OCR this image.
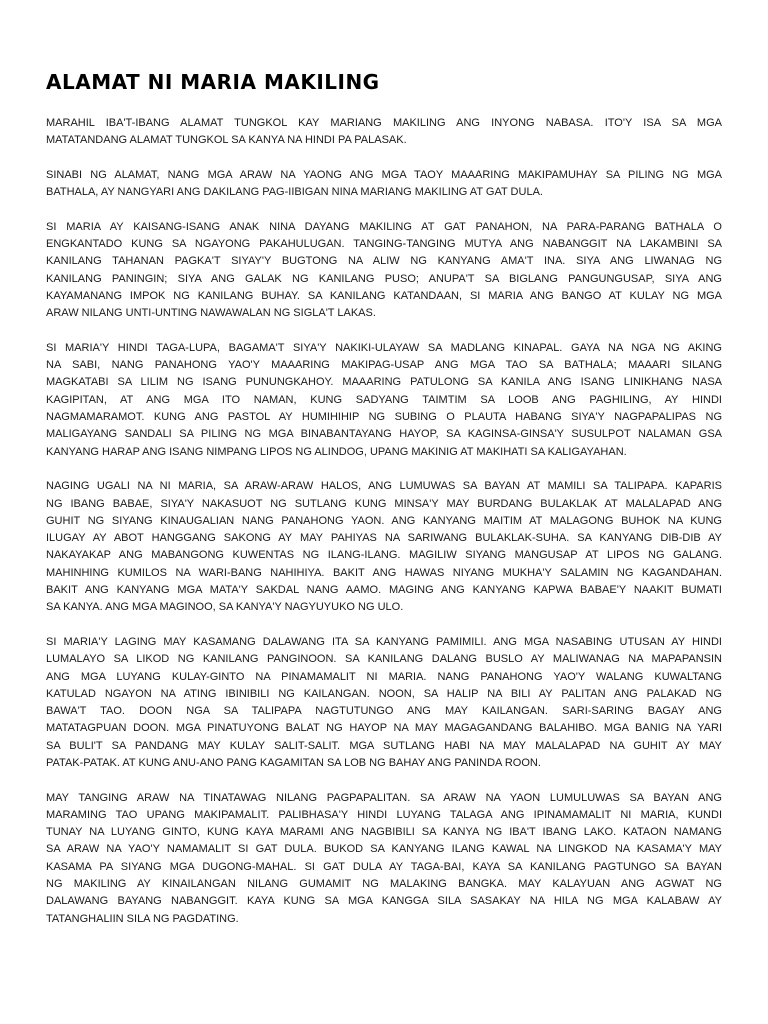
ALAMAT NI MARIA MAKILING
MARAHIL IBA'T-IBANG ALAMAT TUNGKOL KAY MARIANG MAKILING ANG INYONG NABASA. ITO'Y ISA SA MGA
MATATANDANG ALAMAT TUNGKOL SA KANYA NA HINDI PA PALASAK.
SINABI NG ALAMAT, NANG MGA ARAW NA YAONG ANG MGA TAOY MAAARING MAKIPAMUHAY SA PILING NG MGA
BATHALA, AY NANGYARI ANG DAKILANG PAG-IIBIGAN NINA MARIANG MAKILING AT GAT DULA.
SI MARIA AY KAISANG-ISANG ANAK NINA DAYANG MAKILING AT GAT PANAHON, NA PARA-PARANG BATHALA O
ENGKANTADO KUNG SA NGAYONG PAKAHULUGAN. TANGING-TANGING MUTYA ANG NABANGGIT NA LAKAMBINI SA
KANILANG TAHANAN PAGKA'T SIYAY'Y BUGTONG NA ALIW NG KANYANG AMA'T INA. SIYA ANG LIWANAG NG
KANILANG PANINGIN; SIYA ANG GALAK NG KANILANG PUSO; ANUPA'T SA BIGLANG PANGUNGUSAP, SIYA ANG
KAYAMANANG IMPOK NG KANILANG BUHAY. SA KANILANG KATANDAAN, SI MARIA ANG BANGO AT KULAY NG MGA
ARAW NILANG UNTI-UNTING NAWAWALAN NG SIGLA'T LAKAS.
SI MARIA'Y HINDI TAGA-LUPA, BAGAMA'T SIYA'Y NAKIKI-ULAYAW SA MADLANG KINAPAL. GAYA NA NGA NG AKING
NA SABI, NANG PANAHONG YAO'Y MAAARING MAKIPAG-USAP ANG MGA TAO SA BATHALA; MAAARI SILANG
MAGKATABI SA LILIM NG ISANG PUNUNGKAHOY. MAAARING PATULONG SA KANILA ANG ISANG LINIKHANG NASA
KAGIPITAN, AT ANG MGA ITO NAMAN, KUNG SADYANG TAIMTIM SA LOOB ANG PAGHILING, AY HINDI
NAGMAMARAMOT. KUNG ANG PASTOL AY HUMIHIHIP NG SUBING O PLAUTA HABANG SIYA'Y NAGPAPALIPAS NG
MALIGAYANG SANDALI SA PILING NG MGA BINABANTAYANG HAYOP, SA KAGINSA-GINSA'Y SUSULPOT NALAMAN GSA
KANYANG HARAP ANG ISANG NIMPANG LIPOS NG ALINDOG, UPANG MAKINIG AT MAKIHATI SA KALIGAYAHAN.
NAGING UGALI NA NI MARIA, SA ARAW-ARAW HALOS, ANG LUMUWAS SA BAYAN AT MAMILI SA TALIPAPA. KAPARIS
NG IBANG BABAE, SIYA'Y NAKASUOT NG SUTLANG KUNG MINSA'Y MAY BURDANG BULAKLAK AT MALALAPAD ANG
GUHIT NG SIYANG KINAUGALIAN NANG PANAHONG YAON. ANG KANYANG MAITIM AT MALAGONG BUHOK NA KUNG
ILUGAY AY ABOT HANGGANG SAKONG AY MAY PAHIYAS NA SARIWANG BULAKLAK-SUHA. SA KANYANG DIB-DIB AY
NAKAYAKAP ANG MABANGONG KUWENTAS NG ILANG-ILANG. MAGILIW SIYANG MANGUSAP AT LIPOS NG GALANG.
MAHINHING KUMILOS NA WARI-BANG NAHIHIYA. BAKIT ANG HAWAS NIYANG MUKHA'Y SALAMIN NG KAGANDAHAN.
BAKIT ANG KANYANG MGA MATA'Y SAKDAL NANG AAMO. MAGING ANG KANYANG KAPWA BABAE'Y NAAKIT BUMATI
SA KANYA. ANG MGA MAGINOO, SA KANYA'Y NAGYUYUKO NG ULO.
SI MARIA'Y LAGING MAY KASAMANG DALAWANG ITA SA KANYANG PAMIMILI. ANG MGA NASABING UTUSAN AY HINDI
LUMALAYO SA LIKOD NG KANILANG PANGINOON. SA KANILANG DALANG BUSLO AY MALIWANAG NA MAPAPANSIN
ANG MGA LUYANG KULAY-GINTO NA PINAMAMALIT NI MARIA. NANG PANAHONG YAO'Y WALANG KUWALTANG
KATULAD NGAYON NA ATING IBINIBILI NG KAILANGAN. NOON, SA HALIP NA BILI AY PALITAN ANG PALAKAD NG
BAWA'T TAO. DOON NGA SA TALIPAPA NAGTUTUNGO ANG MAY KAILANGAN. SARI-SARING BAGAY ANG
MATATAGPUAN DOON. MGA PINATUYONG BALAT NG HAYOP NA MAY MAGAGANDANG BALAHIBO. MGA BANIG NA YARI
SA BULI'T SA PANDANG MAY KULAY SALIT-SALIT. MGA SUTLANG HABI NA MAY MALALAPAD NA GUHIT AY MAY
PATAK-PATAK. AT KUNG ANU-ANO PANG KAGAMITAN SA LOB NG BAHAY ANG PANINDA ROON.
MAY TANGING ARAW NA TINATAWAG NILANG PAGPAPALITAN. SA ARAW NA YAON LUMULUWAS SA BAYAN ANG
MARAMING TAO UPANG MAKIPAMALIT. PALIBHASA'Y HINDI LUYANG TALAGA ANG IPINAMAMALIT NI MARIA, KUNDI
TUNAY NA LUYANG GINTO, KUNG KAYA MARAMI ANG NAGBIBILI SA KANYA NG IBA'T IBANG LAKO. KATAON NAMANG
SA ARAW NA YAO'Y NAMAMALIT SI GAT DULA. BUKOD SA KANYANG ILANG KAWAL NA LINGKOD NA KASAMA'Y MAY
KASAMA PA SIYANG MGA DUGONG-MAHAL. SI GAT DULA AY TAGA-BAI, KAYA SA KANILANG PAGTUNGO SA BAYAN
NG MAKILING AY KINAILANGAN NILANG GUMAMIT NG MALAKING BANGKA. MAY KALAYUAN ANG AGWAT NG
DALAWANG BAYANG NABANGGIT. KAYA KUNG SA MGA KANGGA SILA SASAKAY NA HILA NG MGA KALABAW AY
TATANGHALIIN SILA NG PAGDATING.
